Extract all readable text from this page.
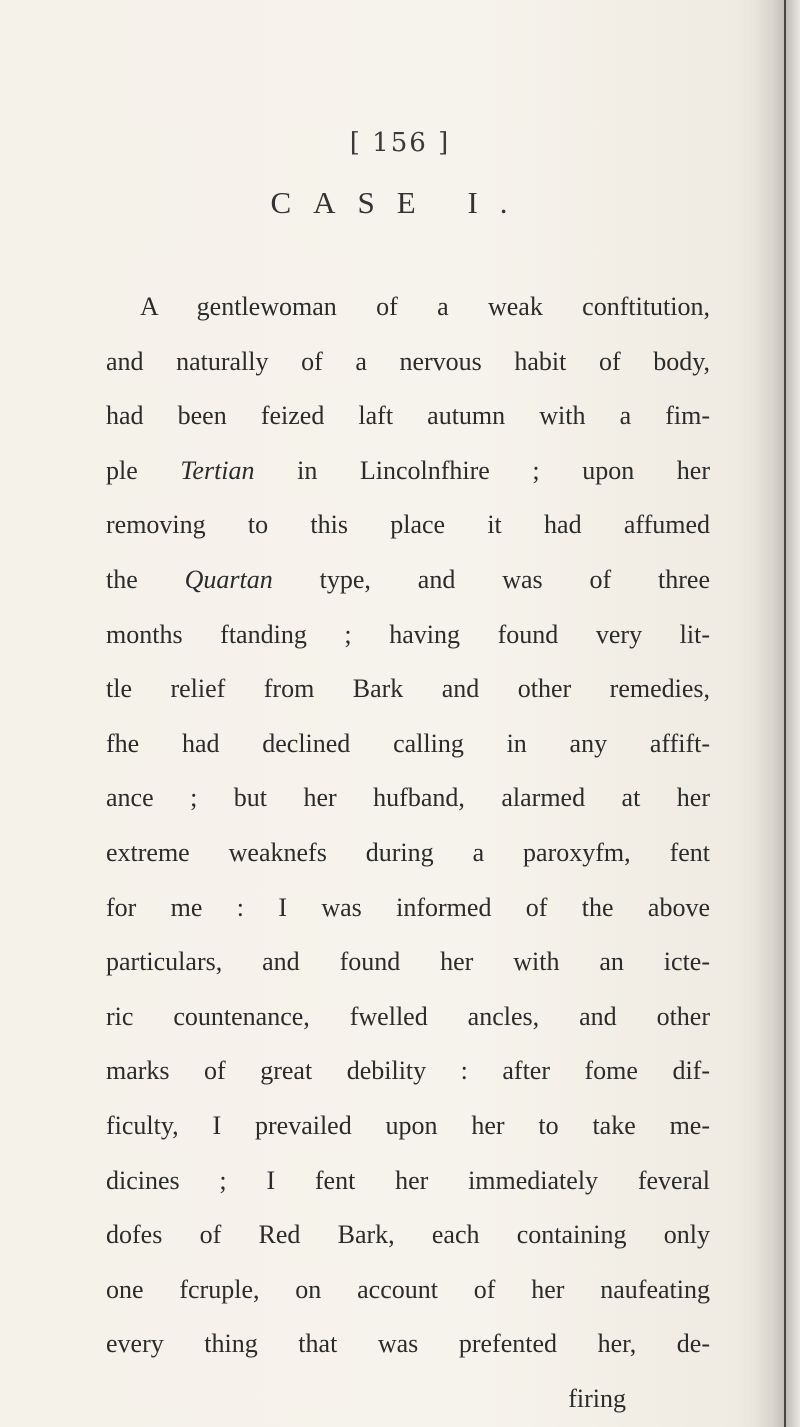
[ 156 ]
CASE I.
A gentlewoman of a weak conftitution,
and naturally of a nervous habit of body,
had been feized laft autumn with a fim-
ple Tertian in Lincolnfhire ; upon her
removing to this place it had affumed
the Quartan type, and was of three
months ftanding ; having found very lit-
tle relief from Bark and other remedies,
fhe had declined calling in any affift-
ance ; but her hufband, alarmed at her
extreme weaknefs during a paroxyfm, fent
for me : I was informed of the above
particulars, and found her with an icte-
ric countenance, fwelled ancles, and other
marks of great debility : after fome dif-
ficulty, I prevailed upon her to take me-
dicines ; I fent her immediately feveral
dofes of Red Bark, each containing only
one fcruple, on account of her naufeating
every thing that was prefented her, de-
firing
